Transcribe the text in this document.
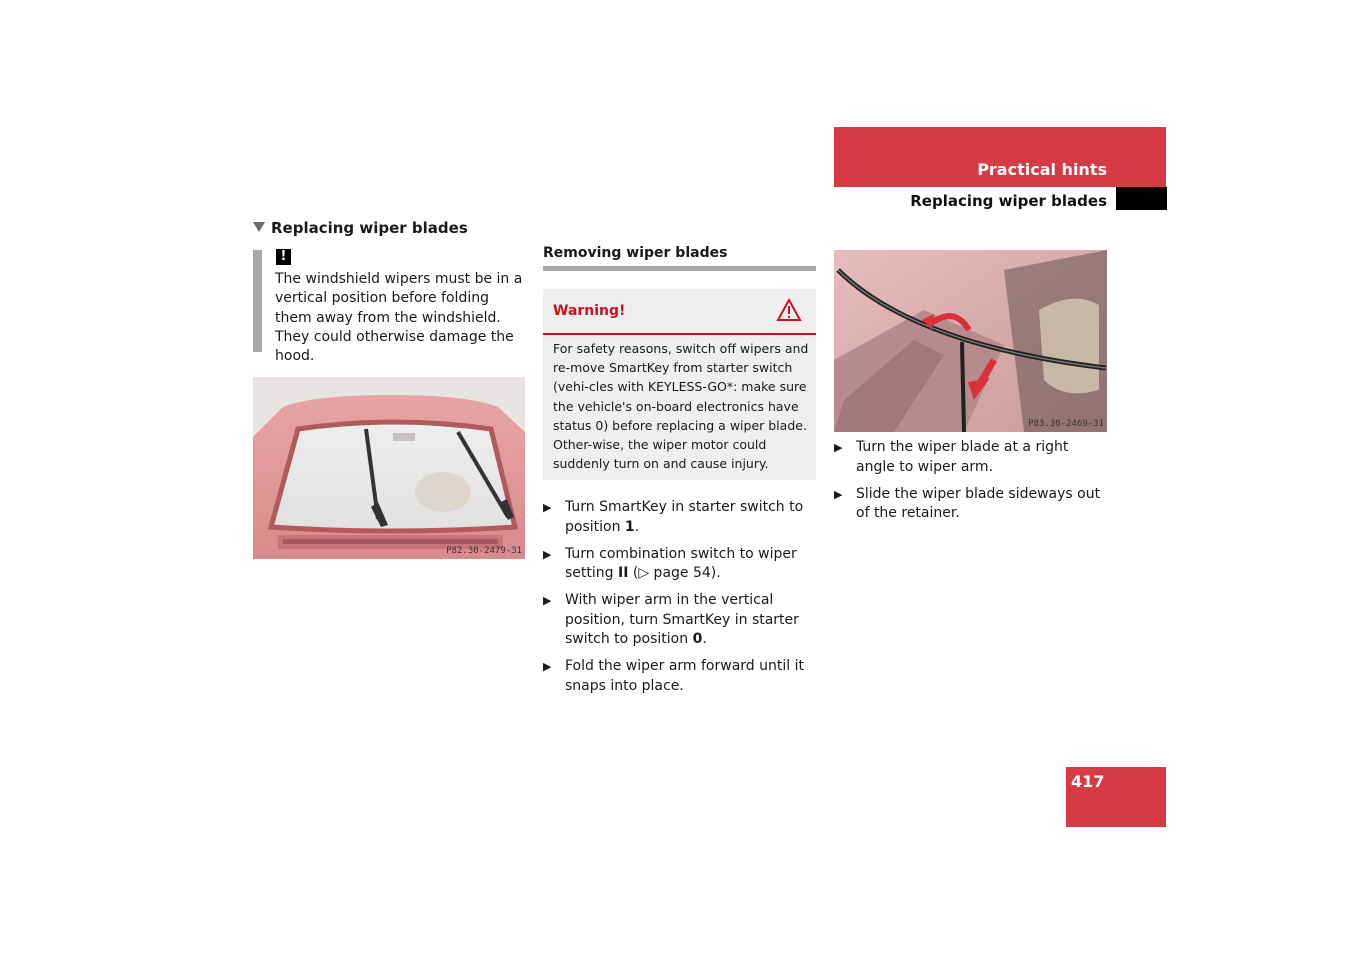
Practical hints
Replacing wiper blades
Replacing wiper blades
!
The windshield wipers must be in a vertical position before folding them away from the windshield. They could otherwise damage the hood.
P82.30-2479-31
Removing wiper blades
Warning!
For safety reasons, switch off wipers and re-move SmartKey from starter switch (vehi-cles with KEYLESS-GO*: make sure the vehicle's on-board electronics have status 0) before replacing a wiper blade. Other-wise, the wiper motor could suddenly turn on and cause injury.
▶ Turn SmartKey in starter switch to position 1.
▶ Turn combination switch to wiper setting II (▷ page 54).
▶ With wiper arm in the vertical position, turn SmartKey in starter switch to position 0.
▶ Fold the wiper arm forward until it snaps into place.
P83.30-2469-31
▶ Turn the wiper blade at a right angle to wiper arm.
▶ Slide the wiper blade sideways out of the retainer.
417
